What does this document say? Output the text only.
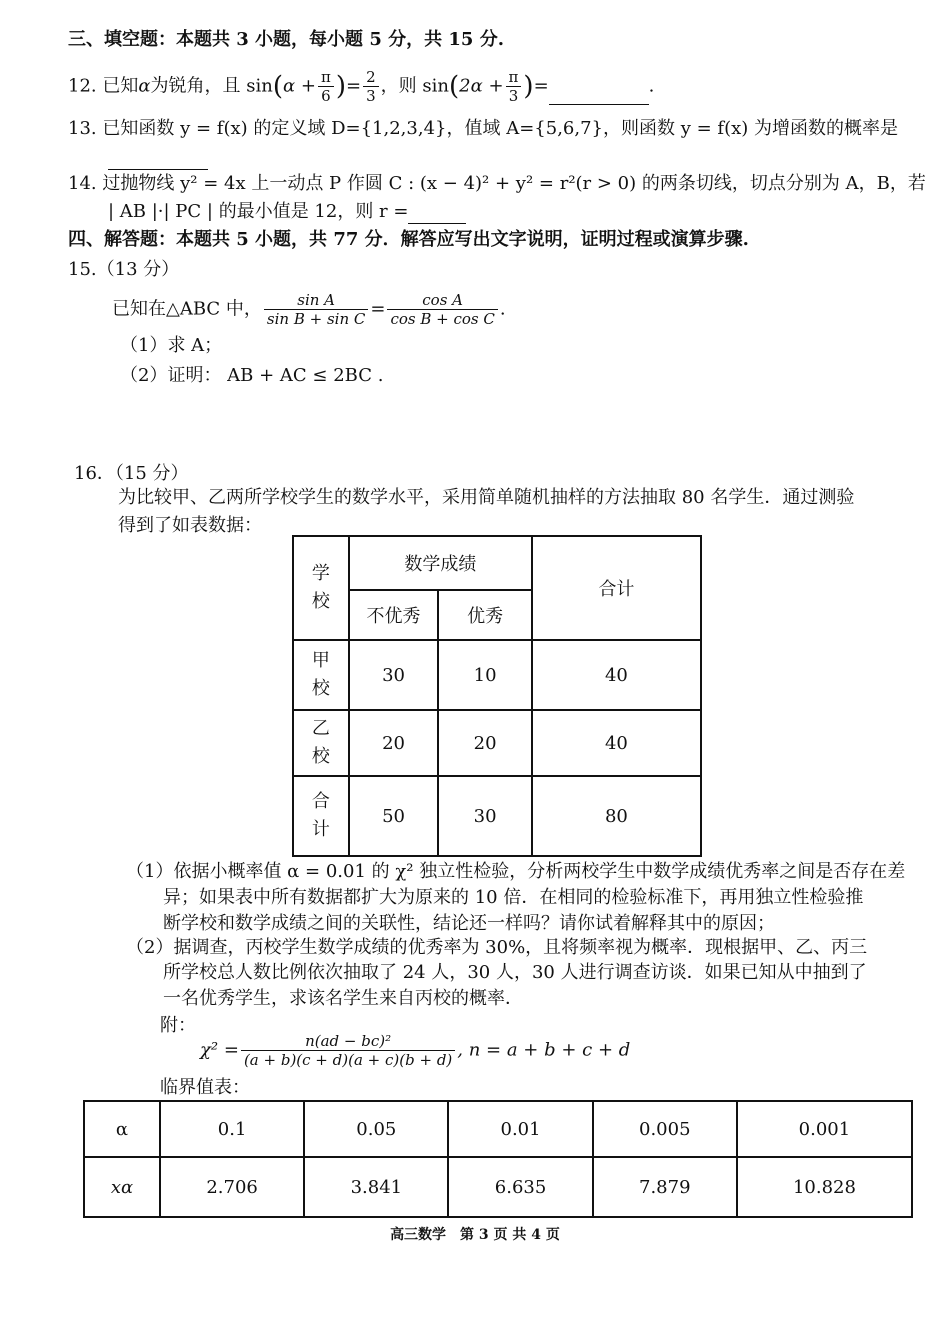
三、填空题：本题共 3 小题，每小题 5 分，共 15 分.
12. 已知α为锐角，且 $\sin(\alpha + \frac{\pi}{6}$ )= $\frac{2}{3}$ ，则 $\sin(2\alpha + \frac{\pi}{3}$ )=	.
13. 已知函数 y = f(x) 的定义域 D={1,2,3,4}，值域 A={5,6,7}，则函数 y = f(x) 为增函数的概率是
14. 过抛物线 y² = 4x 上一动点 P 作圆 C : (x − 4)² + y² = r²(r > 0) 的两条切线，切点分别为 A，B，若
| AB |·| PC | 的最小值是 12，则 r =
四、解答题：本题共 5 小题，共 77 分．解答应写出文字说明，证明过程或演算步骤.
15.（13 分）
已知在△ABC 中， $\frac{\text{sin A}}{\text{sin B + sin C}} = \frac{\text{cos A}}{\text{cos B + cos C}}$ .
（1）求 A；
（2）证明： AB + AC ≤ 2BC .
16．（15 分）
为比较甲、乙两所学校学生的数学水平，采用简单随机抽样的方法抽取 80 名学生．通过测验
得到了如表数据：
学
校	数学成绩		合计
	不优秀	优秀	

甲
校	30	10	40

乙
校	20	20	40

合
计	50	30	80
（1）依据小概率值 α = 0.01 的 χ² 独立性检验，分析两校学生中数学成绩优秀率之间是否存在差
异；如果表中所有数据都扩大为原来的 10 倍．在相同的检验标准下，再用独立性检验推
断学校和数学成绩之间的关联性，结论还一样吗？请你试着解释其中的原因；
（2）据调查，丙校学生数学成绩的优秀率为 30%，且将频率视为概率．现根据甲、乙、丙三
所学校总人数比例依次抽取了 24 人，30 人，30 人进行调查访谈．如果已知从中抽到了
一名优秀学生，求该名学生来自丙校的概率．
附：
$\chi^2 = \frac{\text{n(ad − bc)²}}{(a + b)(c + d)(a + c)(b + d)}$ , n = a + b + c + d
临界值表：
α	0.1	0.05	0.01	0.005	0.001
xα	2.706	3.841	6.635	7.879	10.828
高三数学　第 3 页 共 4 页
